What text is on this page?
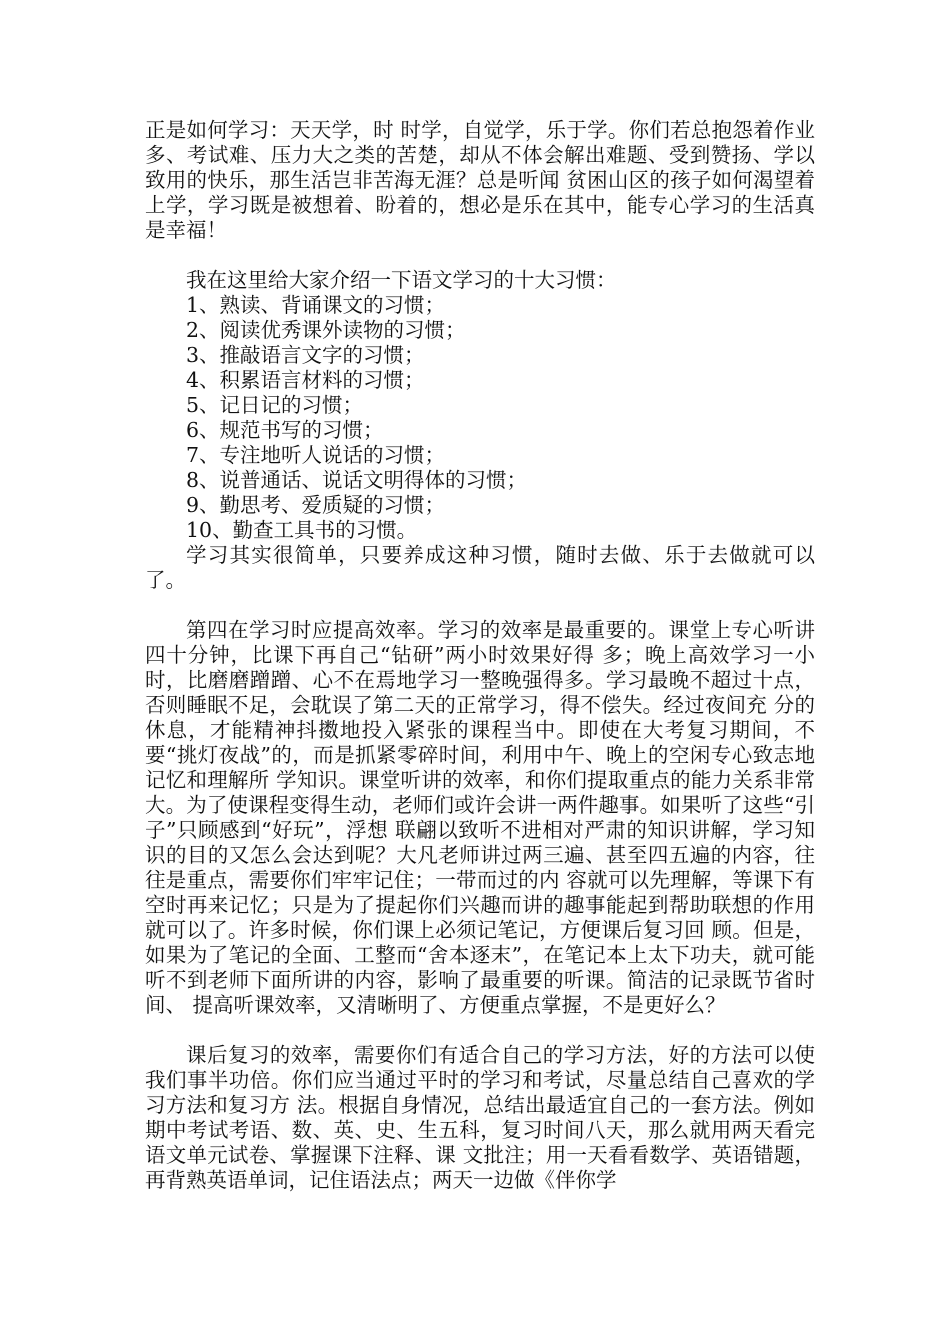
正是如何学习：天天学，时 时学，自觉学，乐于学。你们若总抱怨着作业多、考试难、压力大之类的苦楚，却从不体会解出难题、受到赞扬、学以致用的快乐，那生活岂非苦海无涯？总是听闻 贫困山区的孩子如何渴望着上学，学习既是被想着、盼着的，想必是乐在其中，能专心学习的生活真是幸福！

我在这里给大家介绍一下语文学习的十大习惯：

1、熟读、背诵课文的习惯；
2、阅读优秀课外读物的习惯；
3、推敲语言文字的习惯；
4、积累语言材料的习惯；
5、记日记的习惯；
6、规范书写的习惯；
7、专注地听人说话的习惯；
8、说普通话、说话文明得体的习惯；
9、勤思考、爱质疑的习惯；
10、勤查工具书的习惯。

学习其实很简单，只要养成这种习惯，随时去做、乐于去做就可以了。

第四在学习时应提高效率。学习的效率是最重要的。课堂上专心听讲四十分钟，比课下再自己“钻研”两小时效果好得 多；晚上高效学习一小时，比磨磨蹭蹭、心不在焉地学习一整晚强得多。学习最晚不超过十点，否则睡眠不足，会耽误了第二天的正常学习，得不偿失。经过夜间充 分的休息，才能精神抖擞地投入紧张的课程当中。即使在大考复习期间，不要“挑灯夜战”的，而是抓紧零碎时间，利用中午、晚上的空闲专心致志地记忆和理解所 学知识。课堂听讲的效率，和你们提取重点的能力关系非常大。为了使课程变得生动，老师们或许会讲一两件趣事。如果听了这些“引子”只顾感到“好玩”，浮想 联翩以致听不进相对严肃的知识讲解，学习知识的目的又怎么会达到呢？大凡老师讲过两三遍、甚至四五遍的内容，往往是重点，需要你们牢牢记住；一带而过的内 容就可以先理解，等课下有空时再来记忆；只是为了提起你们兴趣而讲的趣事能起到帮助联想的作用就可以了。许多时候，你们课上必须记笔记，方便课后复习回 顾。但是，如果为了笔记的全面、工整而“舍本逐末”，在笔记本上太下功夫，就可能听不到老师下面所讲的内容，影响了最重要的听课。简洁的记录既节省时间、 提高听课效率，又清晰明了、方便重点掌握，不是更好么？

课后复习的效率，需要你们有适合自己的学习方法，好的方法可以使我们事半功倍。你们应当通过平时的学习和考试，尽量总结自己喜欢的学习方法和复习方 法。根据自身情况，总结出最适宜自己的一套方法。例如期中考试考语、数、英、史、生五科，复习时间八天，那么就用两天看完语文单元试卷、掌握课下注释、课 文批注；用一天看看数学、英语错题，再背熟英语单词，记住语法点；两天一边做《伴你学
